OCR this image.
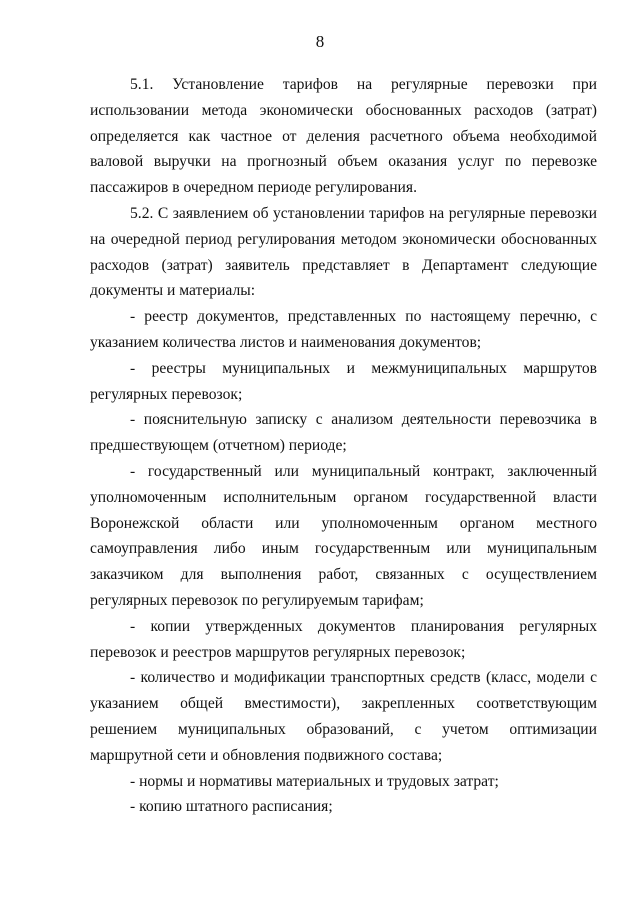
8

5.1. Установление тарифов на регулярные перевозки при использовании метода экономически обоснованных расходов (затрат) определяется как частное от деления расчетного объема необходимой валовой выручки на прогнозный объем оказания услуг по перевозке пассажиров в очередном периоде регулирования.

5.2. С заявлением об установлении тарифов на регулярные перевозки на очередной период регулирования методом экономически обоснованных расходов (затрат) заявитель представляет в Департамент следующие документы и материалы:

- реестр документов, представленных по настоящему перечню, с указанием количества листов и наименования документов;

- реестры муниципальных и межмуниципальных маршрутов регулярных перевозок;

- пояснительную записку с анализом деятельности перевозчика в предшествующем (отчетном) периоде;

- государственный или муниципальный контракт, заключенный уполномоченным исполнительным органом государственной власти Воронежской области или уполномоченным органом местного самоуправления либо иным государственным или муниципальным заказчиком для выполнения работ, связанных с осуществлением регулярных перевозок по регулируемым тарифам;

- копии утвержденных документов планирования регулярных перевозок и реестров маршрутов регулярных перевозок;

- количество и модификации транспортных средств (класс, модели с указанием общей вместимости), закрепленных соответствующим решением муниципальных образований, с учетом оптимизации маршрутной сети и обновления подвижного состава;

- нормы и нормативы материальных и трудовых затрат;

- копию штатного расписания;
